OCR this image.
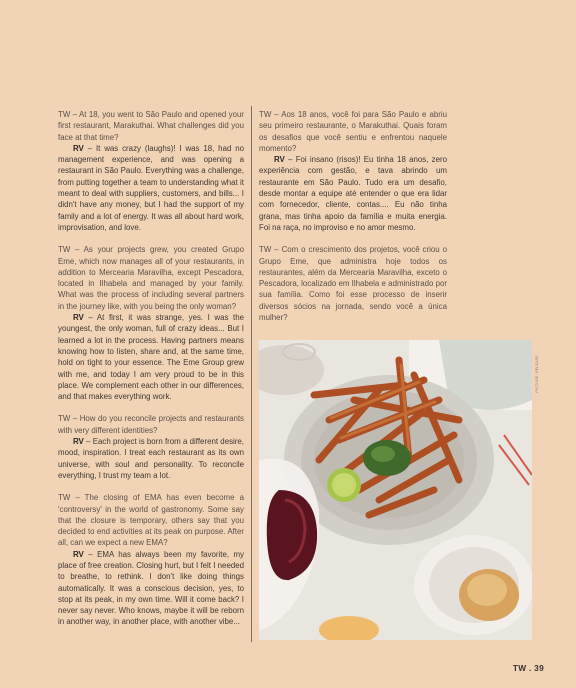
TW – At 18, you went to São Paulo and opened your first restaurant, Marakuthai. What challenges did you face at that time?

RV – It was crazy (laughs)! I was 18, had no management experience, and was opening a restaurant in São Paulo. Everything was a challenge, from putting together a team to understanding what it meant to deal with suppliers, customers, and bills... I didn't have any money, but I had the support of my family and a lot of energy. It was all about hard work, improvisation, and love.

TW – As your projects grew, you created Grupo Eme, which now manages all of your restaurants, in addition to Mercearia Maravilha, except Pescadora, located in Ilhabela and managed by your family. What was the process of including several partners in the journey like, with you being the only woman?

RV – At first, it was strange, yes. I was the youngest, the only woman, full of crazy ideas... But I learned a lot in the process. Having partners means knowing how to listen, share and, at the same time, hold on tight to your essence. The Eme Group grew with me, and today I am very proud to be in this place. We complement each other in our differences, and that makes everything work.

TW – How do you reconcile projects and restaurants with very different identities?

RV – Each project is born from a different desire, mood, inspiration. I treat each restaurant as its own universe, with soul and personality. To reconcile everything, I trust my team a lot.

TW – The closing of EMA has even become a 'controversy' in the world of gastronomy. Some say that the closure is temporary, others say that you decided to end activities at its peak on purpose. After all, can we expect a new EMA?

RV – EMA has always been my favorite, my place of free creation. Closing hurt, but I felt I needed to breathe, to rethink. I don't like doing things automatically. It was a conscious decision, yes, to stop at its peak, in my own time. Will it come back? I never say never. Who knows, maybe it will be reborn in another way, in another place, with another vibe...

TW – Aos 18 anos, você foi para São Paulo e abriu seu primeiro restaurante, o Marakuthai. Quais foram os desafios que você sentiu e enfrentou naquele momento?

RV – Foi insano (risos)! Eu tinha 18 anos, zero experiência com gestão, e tava abrindo um restaurante em São Paulo. Tudo era um desafio, desde montar a equipe até entender o que era lidar com fornecedor, cliente, contas.... Eu não tinha grana, mas tinha apoio da família e muita energia. Foi na raça, no improviso e no amor mesmo.

TW – Com o crescimento dos projetos, você criou o Grupo Eme, que administra hoje todos os restaurantes, além da Mercearia Maravilha, exceto o Pescadora, localizado em Ilhabela e administrado por sua família. Como foi esse processo de inserir diversos sócios na jornada, sendo você a única mulher?

PICTURE: RELEASE
TW . 39
